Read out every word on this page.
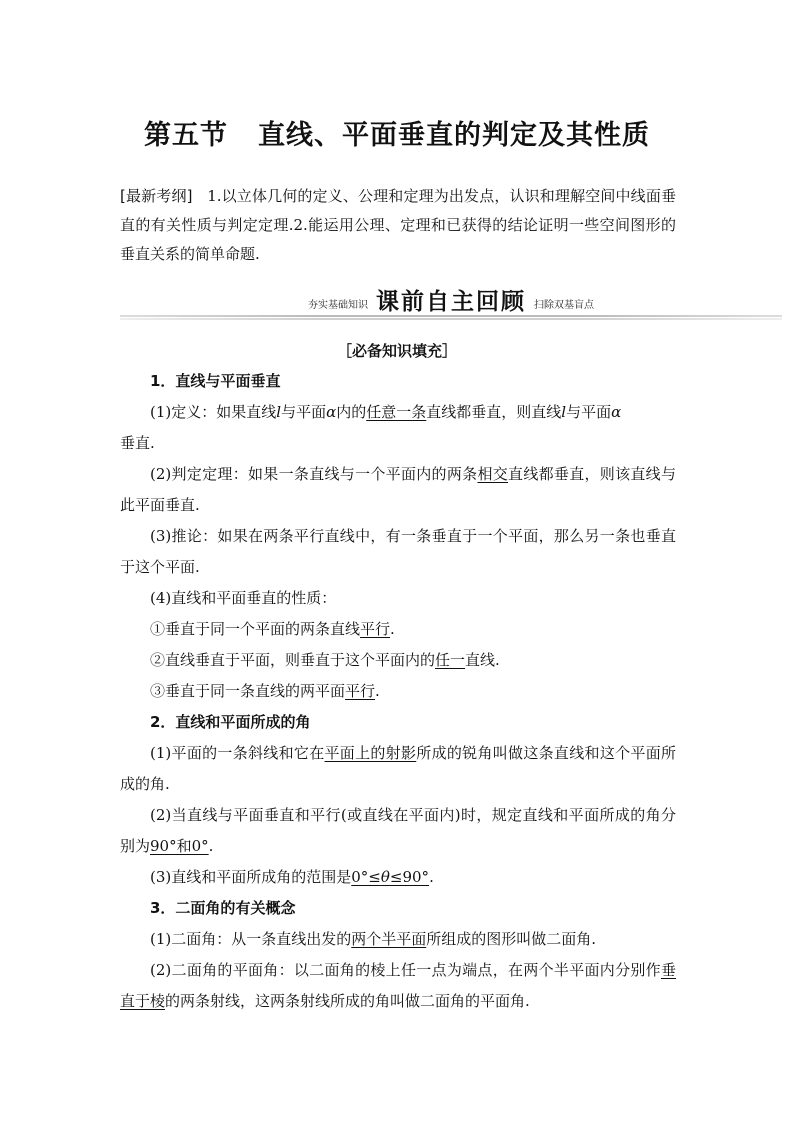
第五节 直线、平面垂直的判定及其性质
[最新考纲] 1.以立体几何的定义、公理和定理为出发点，认识和理解空间中线面垂直的有关性质与判定定理.2.能运用公理、定理和已获得的结论证明一些空间图形的垂直关系的简单命题.
夯实基础知识 课前自主回顾 扫除双基盲点
［必备知识填充］

1．直线与平面垂直

(1)定义：如果直线l与平面α内的任意一条直线都垂直，则直线l与平面α
垂直.

(2)判定定理：如果一条直线与一个平面内的两条相交直线都垂直，则该直线与此平面垂直.

(3)推论：如果在两条平行直线中，有一条垂直于一个平面，那么另一条也垂直于这个平面.

(4)直线和平面垂直的性质：

①垂直于同一个平面的两条直线平行.

②直线垂直于平面，则垂直于这个平面内的任一直线.

③垂直于同一条直线的两平面平行.

2．直线和平面所成的角

(1)平面的一条斜线和它在平面上的射影所成的锐角叫做这条直线和这个平面所成的角.

(2)当直线与平面垂直和平行(或直线在平面内)时，规定直线和平面所成的角分别为90°和0°.

(3)直线和平面所成角的范围是0°≤θ≤90°.

3．二面角的有关概念

(1)二面角：从一条直线出发的两个半平面所组成的图形叫做二面角.

(2)二面角的平面角：以二面角的棱上任一点为端点，在两个半平面内分别作垂直于棱的两条射线，这两条射线所成的角叫做二面角的平面角.
